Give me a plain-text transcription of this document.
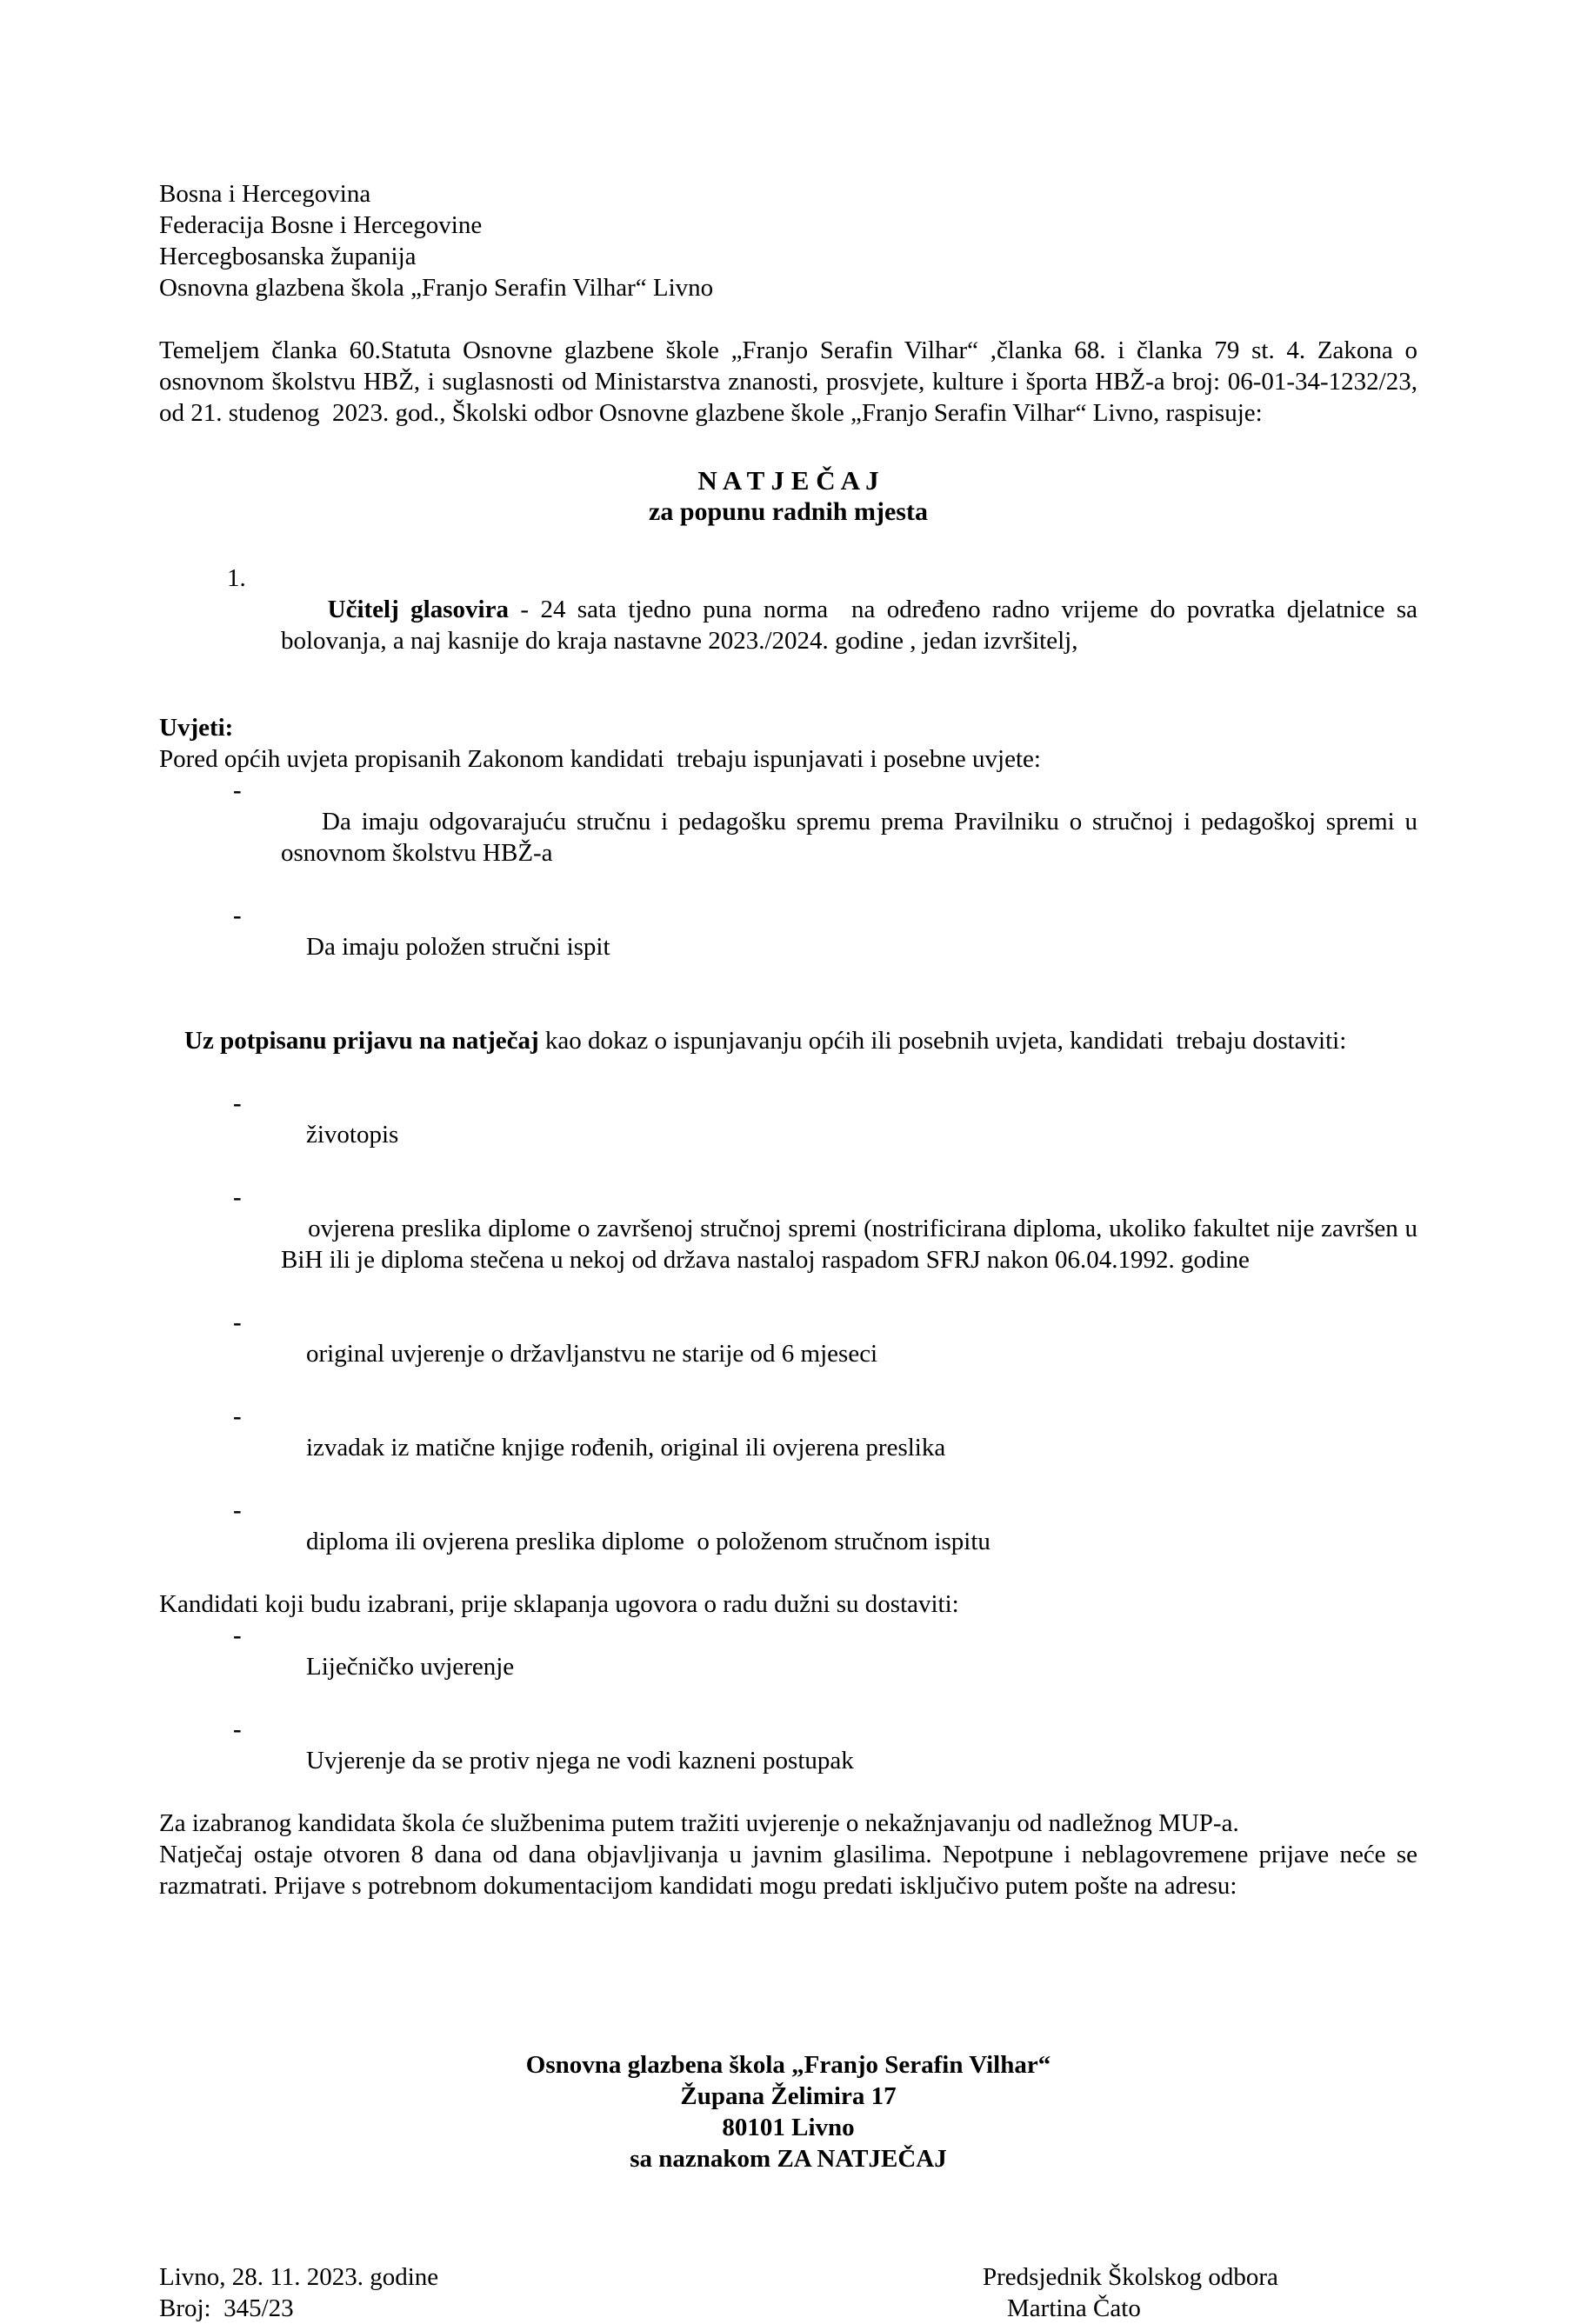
Bosna i Hercegovina
Federacija Bosne i Hercegovine
Hercegbosanska županija
Osnovna glazbena škola „Franjo Serafin Vilhar“ Livno

Temeljem članka 60.Statuta Osnovne glazbene škole „Franjo Serafin Vilhar“ ,članka 68. i članka 79 st. 4. Zakona o osnovnom školstvu HBŽ, i suglasnosti od Ministarstva znanosti, prosvjete, kulture i športa HBŽ-a broj: 06-01-34-1232/23, od 21. studenog  2023. god., Školski odbor Osnovne glazbene škole „Franjo Serafin Vilhar“ Livno, raspisuje:

N A T J E Č A J
za popunu radnih mjesta

1.
Učitelj glasovira - 24 sata tjedno puna norma  na određeno radno vrijeme do povratka djelatnice sa bolovanja, a naj kasnije do kraja nastavne 2023./2024. godine , jedan izvršitelj,

Uvjeti:
Pored općih uvjeta propisanih Zakonom kandidati  trebaju ispunjavati i posebne uvjete:

-
Da imaju odgovarajuću stručnu i pedagošku spremu prema Pravilniku o stručnoj i pedagoškoj spremi u osnovnom školstvu HBŽ-a

-
Da imaju položen stručni ispit

Uz potpisanu prijavu na natječaj kao dokaz o ispunjavanju općih ili posebnih uvjeta, kandidati  trebaju dostaviti:

-
životopis

-
ovjerena preslika diplome o završenoj stručnoj spremi (nostrificirana diploma, ukoliko fakultet nije završen u BiH ili je diploma stečena u nekoj od država nastaloj raspadom SFRJ nakon 06.04.1992. godine

-
original uvjerenje o državljanstvu ne starije od 6 mjeseci

-
izvadak iz matične knjige rođenih, original ili ovjerena preslika

-
diploma ili ovjerena preslika diplome  o položenom stručnom ispitu

Kandidati koji budu izabrani, prije sklapanja ugovora o radu dužni su dostaviti:

-
Liječničko uvjerenje

-
Uvjerenje da se protiv njega ne vodi kazneni postupak

Za izabranog kandidata škola će službenima putem tražiti uvjerenje o nekažnjavanju od nadležnog MUP-a.

Natječaj ostaje otvoren 8 dana od dana objavljivanja u javnim glasilima. Nepotpune i neblagovremene prijave neće se razmatrati. Prijave s potrebnom dokumentacijom kandidati mogu predati isključivo putem pošte na adresu:

Osnovna glazbena škola „Franjo Serafin Vilhar“
Župana Želimira 17
80101 Livno
sa naznakom ZA NATJEČAJ
Livno, 28. 11. 2023. godine
Broj:  345/23
Predsjednik Školskog odbora
Martina Čato
